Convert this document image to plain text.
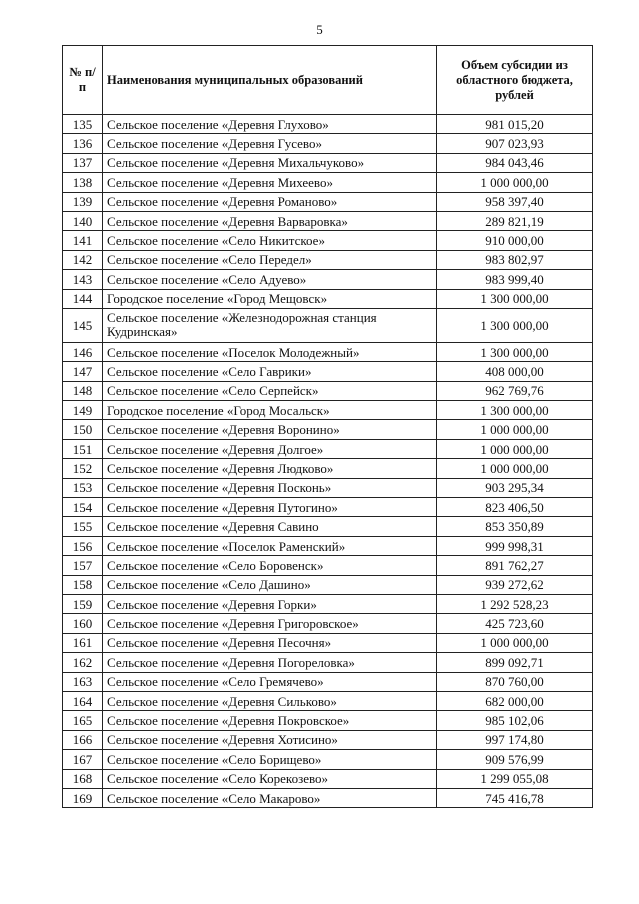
5
№ п/п	Наименования муниципальных образований	Объем субсидии из областного бюджета, рублей
135	Сельское поселение «Деревня Глухово»	981 015,20
136	Сельское поселение «Деревня Гусево»	907 023,93
137	Сельское поселение «Деревня Михальчуково»	984 043,46
138	Сельское поселение «Деревня Михеево»	1 000 000,00
139	Сельское поселение «Деревня Романово»	958 397,40
140	Сельское поселение «Деревня Варваровка»	289 821,19
141	Сельское поселение «Село Никитское»	910 000,00
142	Сельское поселение «Село Передел»	983 802,97
143	Сельское поселение «Село Адуево»	983 999,40
144	Городское поселение «Город Мещовск»	1 300 000,00
145	Сельское поселение «Железнодорожная станция Кудринская»	1 300 000,00
146	Сельское поселение «Поселок Молодежный»	1 300 000,00
147	Сельское поселение «Село Гаврики»	408 000,00
148	Сельское поселение «Село Серпейск»	962 769,76
149	Городское поселение «Город Мосальск»	1 300 000,00
150	Сельское поселение «Деревня Воронино»	1 000 000,00
151	Сельское поселение «Деревня Долгое»	1 000 000,00
152	Сельское поселение «Деревня Людково»	1 000 000,00
153	Сельское поселение «Деревня Посконь»	903 295,34
154	Сельское поселение «Деревня Путогино»	823 406,50
155	Сельское поселение «Деревня Савино	853 350,89
156	Сельское поселение «Поселок Раменский»	999 998,31
157	Сельское поселение «Село Боровенск»	891 762,27
158	Сельское поселение «Село Дашино»	939 272,62
159	Сельское поселение «Деревня Горки»	1 292 528,23
160	Сельское поселение «Деревня Григоровское»	425 723,60
161	Сельское поселение «Деревня Песочня»	1 000 000,00
162	Сельское поселение «Деревня Погореловка»	899 092,71
163	Сельское поселение «Село Гремячево»	870 760,00
164	Сельское поселение «Деревня Сильково»	682 000,00
165	Сельское поселение «Деревня Покровское»	985 102,06
166	Сельское поселение «Деревня Хотисино»	997 174,80
167	Сельское поселение «Село Борищево»	909 576,99
168	Сельское поселение «Село Корекозево»	1 299 055,08
169	Сельское поселение «Село Макарово»	745 416,78
